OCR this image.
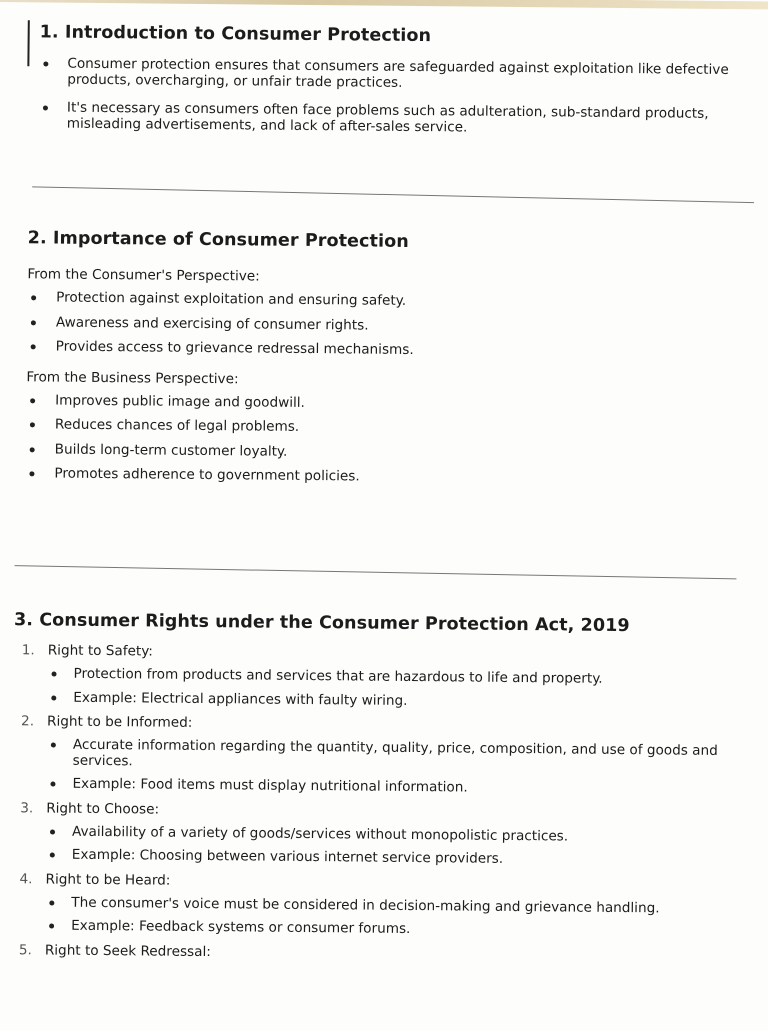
1. Introduction to Consumer Protection
Consumer protection ensures that consumers are safeguarded against exploitation like defective products, overcharging, or unfair trade practices.
It's necessary as consumers often face problems such as adulteration, sub-standard products, misleading advertisements, and lack of after-sales service.
2. Importance of Consumer Protection

From the Consumer's Perspective:

Protection against exploitation and ensuring safety.
Awareness and exercising of consumer rights.
Provides access to grievance redressal mechanisms.

From the Business Perspective:

Improves public image and goodwill.
Reduces chances of legal problems.
Builds long-term customer loyalty.
Promotes adherence to government policies.
3. Consumer Rights under the Consumer Protection Act, 2019
1. Right to Safety:
Protection from products and services that are hazardous to life and property.
Example: Electrical appliances with faulty wiring.
2. Right to be Informed:
Accurate information regarding the quantity, quality, price, composition, and use of goods and services.
Example: Food items must display nutritional information.
3. Right to Choose:
Availability of a variety of goods/services without monopolistic practices.
Example: Choosing between various internet service providers.
4. Right to be Heard:
The consumer's voice must be considered in decision-making and grievance handling.
Example: Feedback systems or consumer forums.
5. Right to Seek Redressal:
